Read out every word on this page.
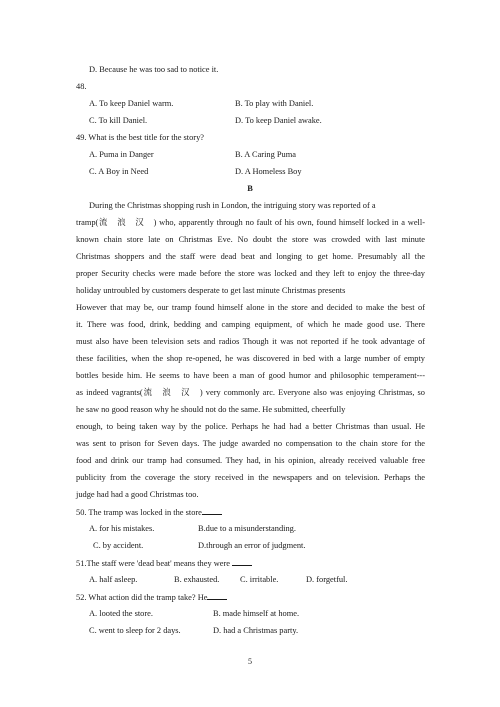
D. Because he was too sad to notice it.
48.
A. To keep Daniel warm.	B. To play with Daniel.
C. To kill Daniel.	D. To keep Daniel awake.
49. What is the best title for the story?
A. Puma in Danger	B. A Caring Puma
C. A Boy in Need	D. A Homeless Boy
B
During the Christmas shopping rush in London, the intriguing story was reported of a
tramp(流　浪　汉　) who, apparently through no fault of his own, found himself locked in a well-
known chain store late on Christmas Eve. No doubt the store was crowded with last minute
Christmas shoppers and the staff were dead beat and longing to get home. Presumably all the
proper Security checks were made before the store was locked and they left to enjoy the three-day
holiday untroubled by customers desperate to get last minute Christmas presents
However that may be, our tramp found himself alone in the store and decided to make the best of
it. There was food, drink, bedding and camping equipment, of which he made good use. There
must also have been television sets and radios Though it was not reported if he took advantage of
these facilities, when the shop re-opened, he was discovered in bed with a large number of empty
bottles beside him. He seems to have been a man of good humor and philosophic temperament---
as indeed vagrants(流　浪　汉　) very commonly arc. Everyone also was enjoying Christmas, so
he saw no good reason why he should not do the same. He submitted, cheerfully
enough, to being taken way by the police. Perhaps he had had a better Christmas than usual. He
was sent to prison for Seven days. The judge awarded no compensation to the chain store for the
food and drink our tramp had consumed. They had, in his opinion, already received valuable free
publicity from the coverage the story received in the newspapers and on television. Perhaps the
judge had had a good Christmas too.
50. The tramp was locked in the store
A. for his mistakes.	B.due to a misunderstanding.
C. by accident.	D.through an error of judgment.
51.The staff were 'dead beat' means they were
A. half asleep.	B. exhausted. C. irritable.	D. forgetful.
52. What action did the tramp take? He
A. looted the store.	B. made himself at home.
C. went to sleep for 2 days.	D. had a Christmas party.
5
